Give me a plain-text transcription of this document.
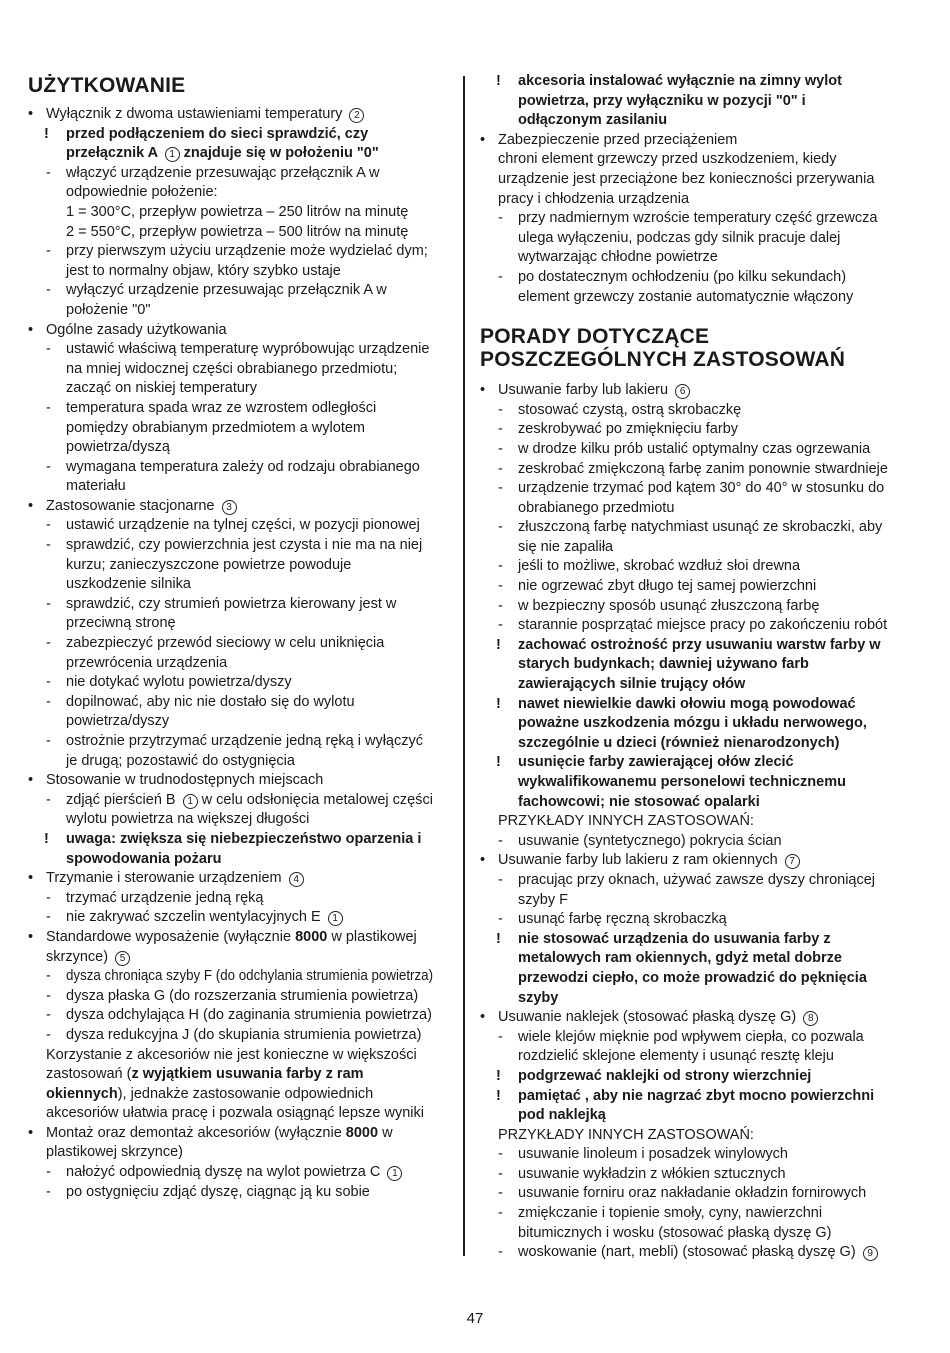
UŻYTKOWANIE
• Wyłącznik z dwoma ustawieniami temperatury 2
! przed podłączeniem do sieci sprawdzić, czy
przełącznik A 1 znajduje się w położeniu "0"
- włączyć urządzenie przesuwając przełącznik A w
odpowiednie położenie:
1 = 300°C, przepływ powietrza – 250 litrów na minutę
2 = 550°C, przepływ powietrza – 500 litrów na minutę
- przy pierwszym użyciu urządzenie może wydzielać dym;
jest to normalny objaw, który szybko ustaje
- wyłączyć urządzenie przesuwając przełącznik A w
położenie "0"
• Ogólne zasady użytkowania
- ustawić właściwą temperaturę wypróbowując urządzenie
na mniej widocznej części obrabianego przedmiotu;
zacząć on niskiej temperatury
- temperatura spada wraz ze wzrostem odległości
pomiędzy obrabianym przedmiotem a wylotem
powietrza/dyszą
- wymagana temperatura zależy od rodzaju obrabianego
materiału
• Zastosowanie stacjonarne 3
- ustawić urządzenie na tylnej części, w pozycji pionowej
- sprawdzić, czy powierzchnia jest czysta i nie ma na niej
kurzu; zanieczyszczone powietrze powoduje
uszkodzenie silnika
- sprawdzić, czy strumień powietrza kierowany jest w
przeciwną stronę
- zabezpieczyć przewód sieciowy w celu uniknięcia
przewrócenia urządzenia
- nie dotykać wylotu powietrza/dyszy
- dopilnować, aby nic nie dostało się do wylotu
powietrza/dyszy
- ostrożnie przytrzymać urządzenie jedną ręką i wyłączyć
je drugą; pozostawić do ostygnięcia
• Stosowanie w trudnodostępnych miejscach
- zdjąć pierścień B 1 w celu odsłonięcia metalowej części
wylotu powietrza na większej długości
! uwaga: zwiększa się niebezpieczeństwo oparzenia i
spowodowania pożaru
• Trzymanie i sterowanie urządzeniem 4
- trzymać urządzenie jedną ręką
- nie zakrywać szczelin wentylacyjnych E 1
• Standardowe wyposażenie (wyłącznie 8000 w plastikowej
skrzynce) 5
- dysza chroniąca szyby F (do odchylania strumienia powietrza)
- dysza płaska G (do rozszerzania strumienia powietrza)
- dysza odchylająca H (do zaginania strumienia powietrza)
- dysza redukcyjna J (do skupiania strumienia powietrza)
Korzystanie z akcesoriów nie jest konieczne w większości
zastosowań (z wyjątkiem usuwania farby z ram
okiennych), jednakże zastosowanie odpowiednich
akcesoriów ułatwia pracę i pozwala osiągnąć lepsze wyniki
• Montaż oraz demontaż akcesoriów (wyłącznie 8000 w
plastikowej skrzynce)
- nałożyć odpowiednią dyszę na wylot powietrza C 1
- po ostygnięciu zdjąć dyszę, ciągnąc ją ku sobie
! akcesoria instalować wyłącznie na zimny wylot
powietrza, przy wyłączniku w pozycji "0" i
odłączonym zasilaniu
• Zabezpieczenie przed przeciążeniem
chroni element grzewczy przed uszkodzeniem, kiedy
urządzenie jest przeciążone bez konieczności przerywania
pracy i chłodzenia urządzenia
- przy nadmiernym wzroście temperatury część grzewcza
ulega wyłączeniu, podczas gdy silnik pracuje dalej
wytwarzając chłodne powietrze
- po dostatecznym ochłodzeniu (po kilku sekundach)
element grzewczy zostanie automatycznie włączony
PORADY DOTYCZĄCE
POSZCZEGÓLNYCH ZASTOSOWAŃ
• Usuwanie farby lub lakieru 6
- stosować czystą, ostrą skrobaczkę
- zeskrobywać po zmięknięciu farby
- w drodze kilku prób ustalić optymalny czas ogrzewania
- zeskrobać zmiękczoną farbę zanim ponownie stwardnieje
- urządzenie trzymać pod kątem 30° do 40° w stosunku do
obrabianego przedmiotu
- złuszczoną farbę natychmiast usunąć ze skrobaczki, aby
się nie zapaliła
- jeśli to możliwe, skrobać wzdłuż słoi drewna
- nie ogrzewać zbyt długo tej samej powierzchni
- w bezpieczny sposób usunąć złuszczoną farbę
- starannie posprzątać miejsce pracy po zakończeniu robót
! zachować ostrożność przy usuwaniu warstw farby w
starych budynkach; dawniej używano farb
zawierających silnie trujący ołów
! nawet niewielkie dawki ołowiu mogą powodować
poważne uszkodzenia mózgu i układu nerwowego,
szczególnie u dzieci (również nienarodzonych)
! usunięcie farby zawierającej ołów zlecić
wykwalifikowanemu personelowi technicznemu
fachowcowi; nie stosować opalarki
PRZYKŁADY INNYCH ZASTOSOWAŃ:
- usuwanie (syntetycznego) pokrycia ścian
• Usuwanie farby lub lakieru z ram okiennych 7
- pracując przy oknach, używać zawsze dyszy chroniącej
szyby F
- usunąć farbę ręczną skrobaczką
! nie stosować urządzenia do usuwania farby z
metalowych ram okiennych, gdyż metal dobrze
przewodzi ciepło, co może prowadzić do pęknięcia
szyby
• Usuwanie naklejek (stosować płaską dyszę G) 8
- wiele klejów mięknie pod wpływem ciepła, co pozwala
rozdzielić sklejone elementy i usunąć resztę kleju
! podgrzewać naklejki od strony wierzchniej
! pamiętać , aby nie nagrzać zbyt mocno powierzchni
pod naklejką
PRZYKŁADY INNYCH ZASTOSOWAŃ:
- usuwanie linoleum i posadzek winylowych
- usuwanie wykładzin z włókien sztucznych
- usuwanie forniru oraz nakładanie okładzin fornirowych
- zmiękczanie i topienie smoły, cyny, nawierzchni
bitumicznych i wosku (stosować płaską dyszę G)
- woskowanie (nart, mebli) (stosować płaską dyszę G) 9
47
